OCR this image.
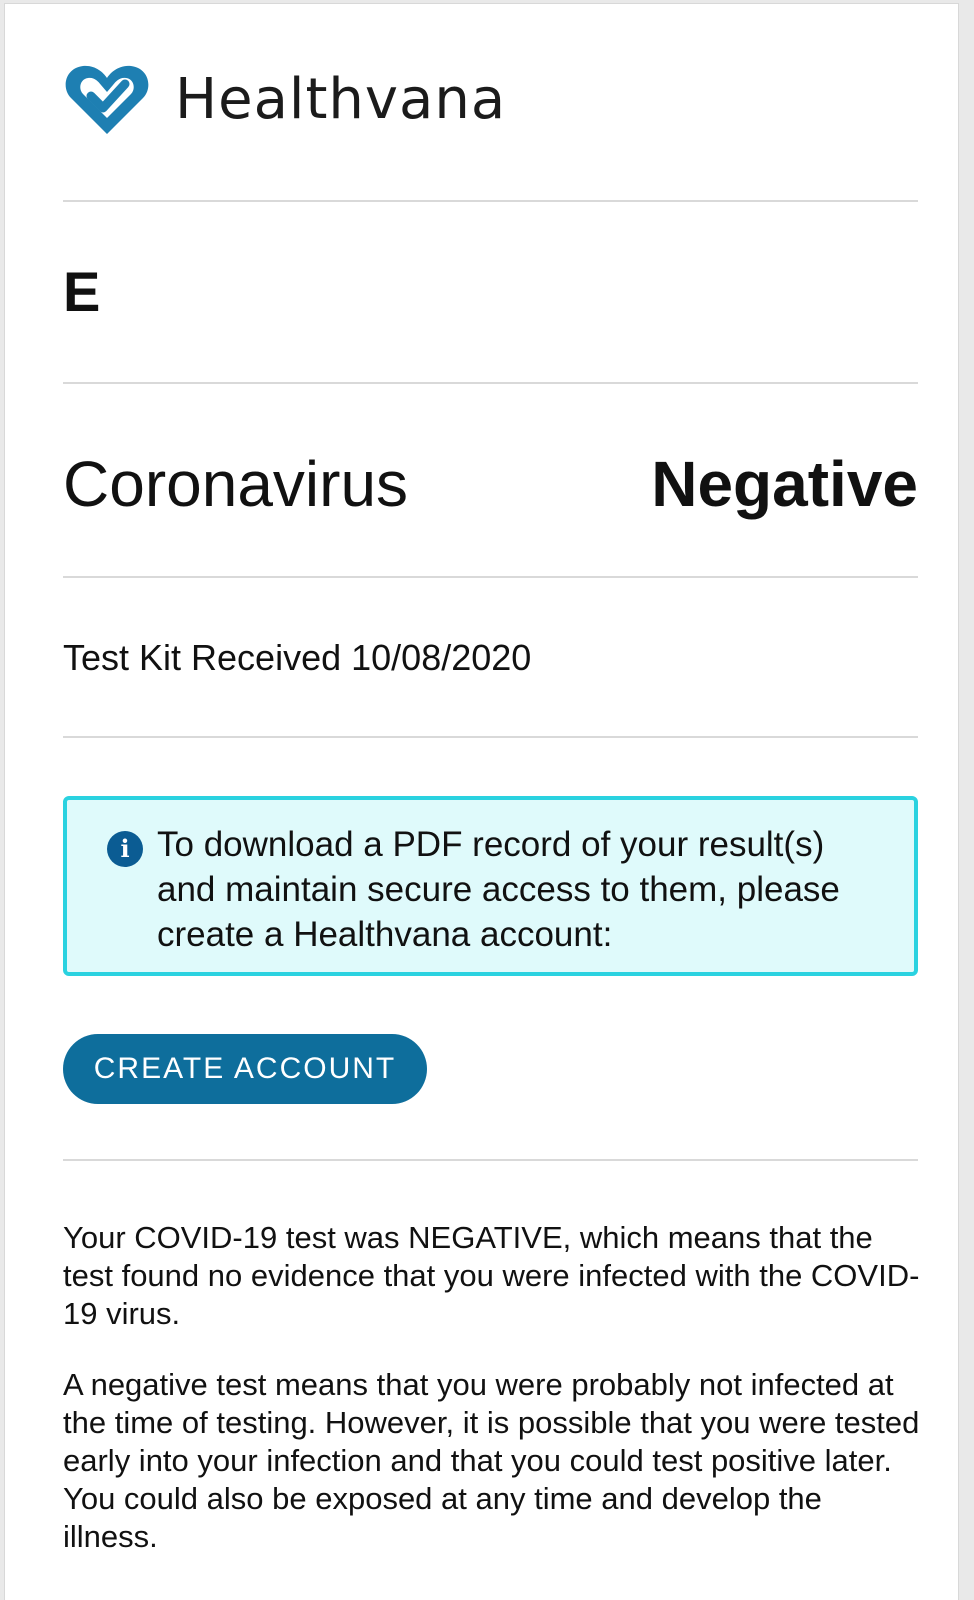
Healthvana
E
Coronavirus	Negative
Test Kit Received 10/08/2020
i To download a PDF record of your result(s) and maintain secure access to them, please create a Healthvana account:
CREATE ACCOUNT

Your COVID-19 test was NEGATIVE, which means that the test found no evidence that you were infected with the COVID-19 virus.

A negative test means that you were probably not infected at the time of testing. However, it is possible that you were tested early into your infection and that you could test positive later. You could also be exposed at any time and develop the illness.
